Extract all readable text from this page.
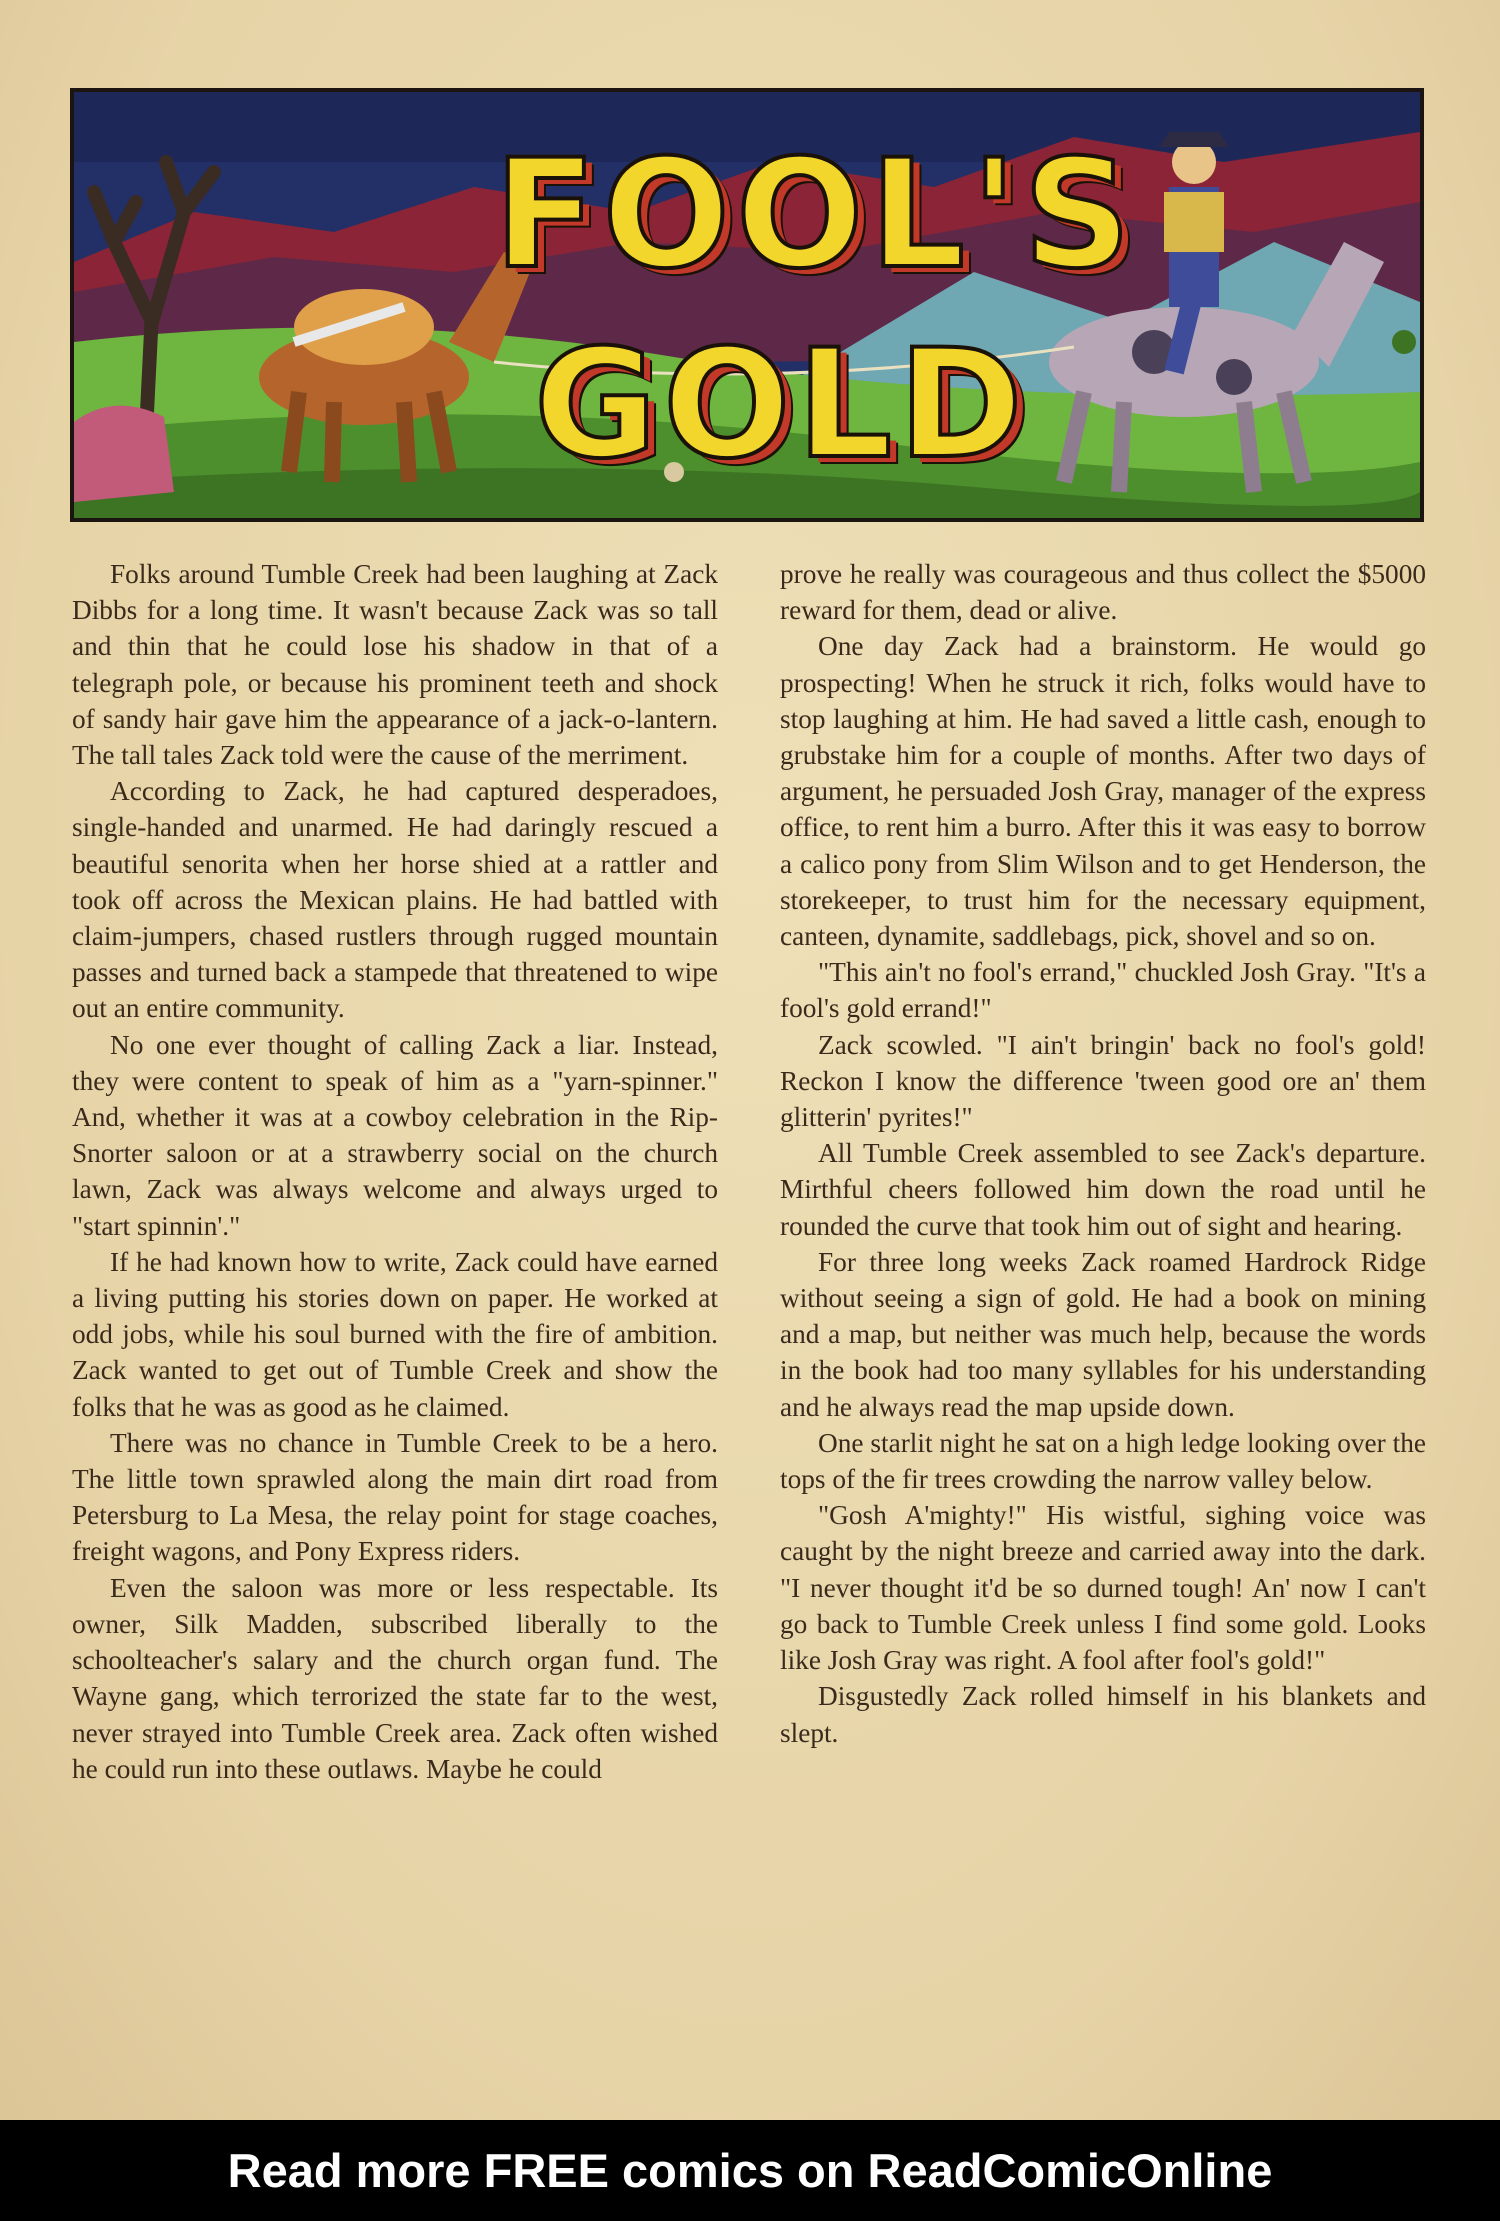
FOOL'S
GOLD

Folks around Tumble Creek had been laughing at Zack Dibbs for a long time. It wasn't because Zack was so tall and thin that he could lose his shadow in that of a telegraph pole, or because his prominent teeth and shock of sandy hair gave him the appearance of a jack-o-lantern. The tall tales Zack told were the cause of the merriment.

According to Zack, he had captured desperadoes, single-handed and unarmed. He had daringly rescued a beautiful senorita when her horse shied at a rattler and took off across the Mexican plains. He had battled with claim-jumpers, chased rustlers through rugged mountain passes and turned back a stampede that threatened to wipe out an entire community.

No one ever thought of calling Zack a liar. Instead, they were content to speak of him as a "yarn-spinner." And, whether it was at a cowboy celebration in the Rip-Snorter saloon or at a strawberry social on the church lawn, Zack was always welcome and always urged to "start spinnin'."

If he had known how to write, Zack could have earned a living putting his stories down on paper. He worked at odd jobs, while his soul burned with the fire of ambition. Zack wanted to get out of Tumble Creek and show the folks that he was as good as he claimed.

There was no chance in Tumble Creek to be a hero. The little town sprawled along the main dirt road from Petersburg to La Mesa, the relay point for stage coaches, freight wagons, and Pony Express riders.

Even the saloon was more or less respectable. Its owner, Silk Madden, subscribed liberally to the schoolteacher's salary and the church organ fund. The Wayne gang, which terrorized the state far to the west, never strayed into Tumble Creek area. Zack often wished he could run into these outlaws. Maybe he could

prove he really was courageous and thus collect the $5000 reward for them, dead or alive.

One day Zack had a brainstorm. He would go prospecting! When he struck it rich, folks would have to stop laughing at him. He had saved a little cash, enough to grubstake him for a couple of months. After two days of argument, he persuaded Josh Gray, manager of the express office, to rent him a burro. After this it was easy to borrow a calico pony from Slim Wilson and to get Henderson, the storekeeper, to trust him for the necessary equipment, canteen, dynamite, saddlebags, pick, shovel and so on.

"This ain't no fool's errand," chuckled Josh Gray. "It's a fool's gold errand!"

Zack scowled. "I ain't bringin' back no fool's gold! Reckon I know the difference 'tween good ore an' them glitterin' pyrites!"

All Tumble Creek assembled to see Zack's departure. Mirthful cheers followed him down the road until he rounded the curve that took him out of sight and hearing.

For three long weeks Zack roamed Hardrock Ridge without seeing a sign of gold. He had a book on mining and a map, but neither was much help, because the words in the book had too many syllables for his understanding and he always read the map upside down.

One starlit night he sat on a high ledge looking over the tops of the fir trees crowding the narrow valley below.

"Gosh A'mighty!" His wistful, sighing voice was caught by the night breeze and carried away into the dark. "I never thought it'd be so durned tough! An' now I can't go back to Tumble Creek unless I find some gold. Looks like Josh Gray was right. A fool after fool's gold!"

Disgustedly Zack rolled himself in his blankets and slept.

Read more FREE comics on ReadComicOnline
